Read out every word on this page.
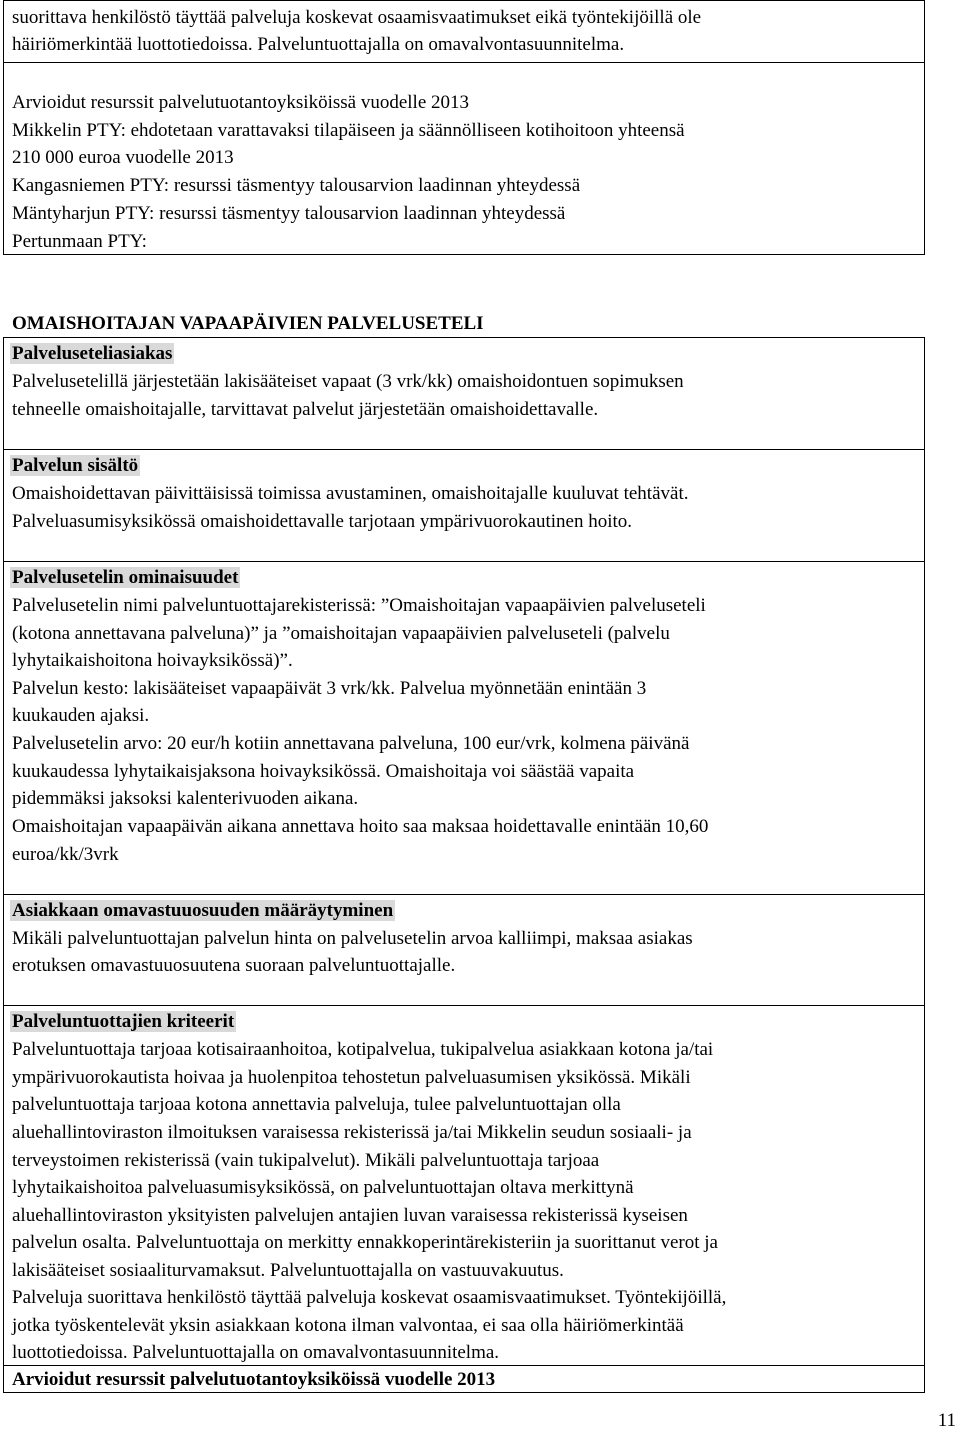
suorittava henkilöstö täyttää palveluja koskevat osaamisvaatimukset eikä työntekijöillä ole
häiriömerkintää luottotiedoissa. Palveluntuottajalla on omavalvontasuunnitelma.
Arvioidut resurssit palvelutuotantoyksiköissä vuodelle 2013
Mikkelin PTY: ehdotetaan varattavaksi tilapäiseen ja säännölliseen kotihoitoon yhteensä
210 000 euroa vuodelle 2013
Kangasniemen PTY: resurssi täsmentyy talousarvion laadinnan yhteydessä
Mäntyharjun PTY: resurssi täsmentyy talousarvion laadinnan yhteydessä
Pertunmaan PTY:
OMAISHOITAJAN VAPAAPÄIVIEN PALVELUSETELI
Palveluseteliasiakas
Palvelusetelillä järjestetään lakisääteiset vapaat (3 vrk/kk) omaishoidontuen sopimuksen
tehneelle omaishoitajalle, tarvittavat palvelut järjestetään omaishoidettavalle.
Palvelun sisältö
Omaishoidettavan päivittäisissä toimissa avustaminen, omaishoitajalle kuuluvat tehtävät.
Palveluasumisyksikössä omaishoidettavalle tarjotaan ympärivuorokautinen hoito.
Palvelusetelin ominaisuudet
Palvelusetelin nimi palveluntuottajarekisterissä: ”Omaishoitajan vapaapäivien palveluseteli
(kotona annettavana palveluna)” ja ”omaishoitajan vapaapäivien palveluseteli (palvelu
lyhytaikaishoitona hoivayksikössä)”.
Palvelun kesto: lakisääteiset vapaapäivät 3 vrk/kk. Palvelua myönnetään enintään 3
kuukauden ajaksi.
Palvelusetelin arvo: 20 eur/h kotiin annettavana palveluna, 100 eur/vrk, kolmena päivänä
kuukaudessa lyhytaikaisjaksona hoivayksikössä. Omaishoitaja voi säästää vapaita
pidemmäksi jaksoksi kalenterivuoden aikana.
Omaishoitajan vapaapäivän aikana annettava hoito saa maksaa hoidettavalle enintään 10,60
euroa/kk/3vrk
Asiakkaan omavastuuosuuden määräytyminen
Mikäli palveluntuottajan palvelun hinta on palvelusetelin arvoa kalliimpi, maksaa asiakas
erotuksen omavastuuosuutena suoraan palveluntuottajalle.
Palveluntuottajien kriteerit
Palveluntuottaja tarjoaa kotisairaanhoitoa, kotipalvelua, tukipalvelua asiakkaan kotona ja/tai
ympärivuorokautista hoivaa ja huolenpitoa tehostetun palveluasumisen yksikössä. Mikäli
palveluntuottaja tarjoaa kotona annettavia palveluja, tulee palveluntuottajan olla
aluehallintoviraston ilmoituksen varaisessa rekisterissä ja/tai Mikkelin seudun sosiaali- ja
terveystoimen rekisterissä (vain tukipalvelut). Mikäli palveluntuottaja tarjoaa
lyhytaikaishoitoa palveluasumisyksikössä, on palveluntuottajan oltava merkittynä
aluehallintoviraston yksityisten palvelujen antajien luvan varaisessa rekisterissä kyseisen
palvelun osalta. Palveluntuottaja on merkitty ennakkoperintärekisteriin ja suorittanut verot ja
lakisääteiset sosiaaliturvamaksut. Palveluntuottajalla on vastuuvakuutus.
Palveluja suorittava henkilöstö täyttää palveluja koskevat osaamisvaatimukset. Työntekijöillä,
jotka työskentelevät yksin asiakkaan kotona ilman valvontaa, ei saa olla häiriömerkintää
luottotiedoissa. Palveluntuottajalla on omavalvontasuunnitelma.
Arvioidut resurssit palvelutuotantoyksiköissä vuodelle 2013
11
